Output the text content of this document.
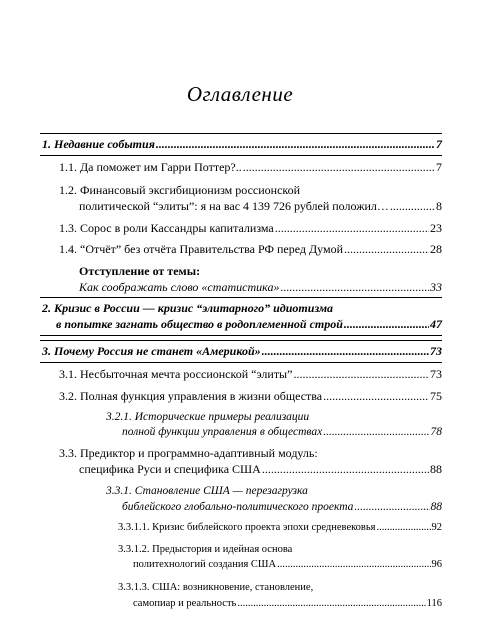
Оглавление
1. Недавние события .....	7
1.1. Да поможет им Гарри Поттер?.. .....	7
1.2. Финансовый эксгибиционизм россионской
политической “элиты”: я на вас 4 139 726 рублей положил… .....	8
1.3. Сорос в роли Кассандры капитализма .....	23
1.4. “Отчёт” без отчёта Правительства РФ перед Думой .....	28
Отступление от темы:
Как соображать слово «статистика» .....	33
2. Кризис в России — кризис “элитарного” идиотизма
в попытке загнать общество в родоплеменной строй .....	47
3. Почему Россия не станет «Америкой» .....	73
3.1. Несбыточная мечта россионской “элиты” .....	73
3.2. Полная функция управления в жизни общества .....	75
3.2.1. Исторические примеры реализации
полной функции управления в обществах .....	78
3.3. Предиктор и программно-адаптивный модуль:
специфика Руси и специфика США .....	88
3.3.1. Становление США — перезагрузка
библейского глобально-политического проекта .....	88
3.3.1.1. Кризис библейского проекта эпохи средневековья .....	92
3.3.1.2. Предыстория и идейная основа
политехнологий создания США .....	96
3.3.1.3. США: возникновение, становление,
самопиар и реальность .....	116
